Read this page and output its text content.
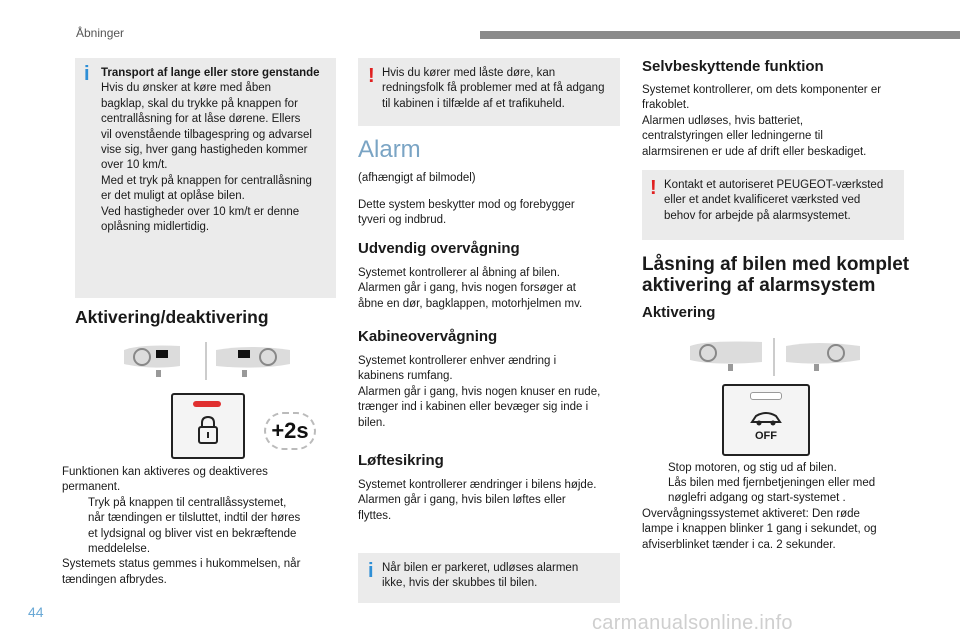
Åbninger
44	carmanualsonline.info
i Transport af lange eller store genstande

Hvis du ønsker at køre med åben
bagklap, skal du trykke på knappen for
centrallåsning for at låse dørene. Ellers
vil ovenstående tilbagespring og advarsel
vise sig, hver gang hastigheden kommer
over 10 km/t.
Med et tryk på knappen for centrallåsning
er det muligt at oplåse bilen.
Ved hastigheder over 10 km/t er denne
oplåsning midlertidig.
Aktivering/deaktivering
+2s
Funktionen kan aktiveres og deaktiveres
permanent.
Tryk på knappen til centrallåssystemet,
når tændingen er tilsluttet, indtil der høres
et lydsignal og bliver vist en bekræftende
meddelelse.
Systemets status gemmes i hukommelsen, når
tændingen afbrydes.
! Hvis du kører med låste døre, kan
redningsfolk få problemer med at få adgang
til kabinen i tilfælde af et trafikuheld.
Alarm
(afhængigt af bilmodel)
Dette system beskytter mod og forebygger
tyveri og indbrud.
Udvendig overvågning
Systemet kontrollerer al åbning af bilen.
Alarmen går i gang, hvis nogen forsøger at
åbne en dør, bagklappen, motorhjelmen mv.
Kabineovervågning
Systemet kontrollerer enhver ændring i
kabinens rumfang.
Alarmen går i gang, hvis nogen knuser en rude,
trænger ind i kabinen eller bevæger sig inde i
bilen.
Løftesikring
Systemet kontrollerer ændringer i bilens højde.
Alarmen går i gang, hvis bilen løftes eller
flyttes.
i Når bilen er parkeret, udløses alarmen
ikke, hvis der skubbes til bilen.
Selvbeskyttende funktion
Systemet kontrollerer, om dets komponenter er
frakoblet.
Alarmen udløses, hvis batteriet,
centralstyringen eller ledningerne til
alarmsirenen er ude af drift eller beskadiget.
! Kontakt et autoriseret PEUGEOT-værksted
eller et andet kvalificeret værksted ved
behov for arbejde på alarmsystemet.
Låsning af bilen med komplet
aktivering af alarmsystem
Aktivering
OFF
Stop motoren, og stig ud af bilen.
Lås bilen med fjernbetjeningen eller med
nøglefri adgang og start-systemet .
Overvågningssystemet aktiveret: Den røde
lampe i knappen blinker 1 gang i sekundet, og
afviserblinket tænder i ca. 2 sekunder.
